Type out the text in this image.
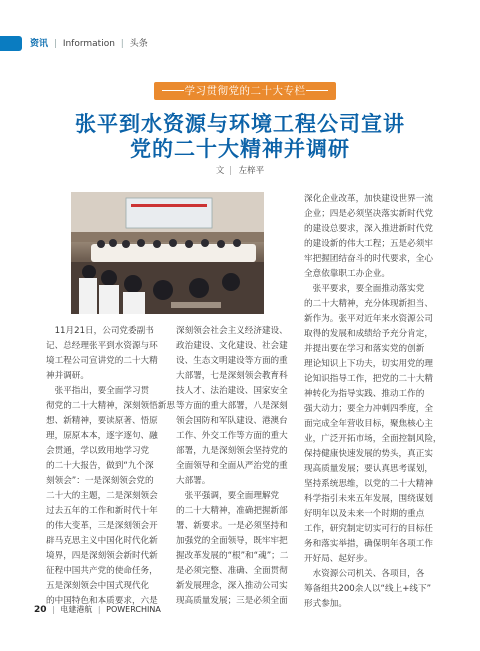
资讯 | Information | 头条
学习贯彻党的二十大专栏
张平到水资源与环境工程公司宣讲
党的二十大精神并调研
文 | 左梓平

　11月21日，公司党委副书

记、总经理张平到水资源与环

境工程公司宣讲党的二十大精

神并调研。

　张平指出，要全面学习贯

彻党的二十大精神，深刻领悟新思

想、新精神，要读原著、悟原

理，原原本本，逐字逐句、融

会贯通，学以致用地学习党

的二十大报告，做到“九个深

刻领会”：一是深刻领会党的

二十大的主题，二是深刻领会

过去五年的工作和新时代十年

的伟大变革，三是深刻领会开

辟马克思主义中国化时代化新

境界，四是深刻领会新时代新

征程中国共产党的使命任务，

五是深刻领会中国式现代化

的中国特色和本质要求，六是

深刻领会社会主义经济建设、

政治建设、文化建设、社会建

设、生态文明建设等方面的重

大部署，七是深刻领会教育科

技人才、法治建设、国家安全

等方面的重大部署，八是深刻

领会国防和军队建设、港澳台

工作、外交工作等方面的重大

部署，九是深刻领会坚持党的

全面领导和全面从严治党的重

大部署。

　张平强调，要全面理解党

的二十大精神，准确把握新部

署、新要求。一是必须坚持和

加强党的全面领导，既牢牢把

握改革发展的“根”和“魂”；二

是必须完整、准确、全面贯彻

新发展理念，深入推动公司实

现高质量发展；三是必须全面

深化企业改革，加快建设世界一流

企业；四是必须坚决落实新时代党

的建设总要求，深入推进新时代党

的建设新的伟大工程；五是必须牢

牢把握团结奋斗的时代要求，全心

全意依靠职工办企业。

　张平要求，要全面推动落实党

的二十大精神，充分体现新担当、

新作为。张平对近年来水资源公司

取得的发展和成绩给予充分肯定，

并提出要在学习和落实党的创新

理论知识上下功夫，切实用党的理

论知识指导工作，把党的二十大精

神转化为指导实践、推动工作的

强大动力；要全力冲刺四季度，全

面完成全年营收目标，聚焦核心主

业，广泛开拓市场，全面控制风险，

保持健康快速发展的势头，真正实

现高质量发展；要认真思考谋划，

坚持系统思维，以党的二十大精神

科学指引未来五年发展，围绕谋划

好明年以及未来一个时期的重点

工作，研究制定切实可行的目标任

务和落实举措，确保明年各项工作

开好局、起好步。

　水资源公司机关、各项目，各

筹备组共200余人以“线上+线下”

形式参加。

20 | 电建港航 | POWERCHINA
